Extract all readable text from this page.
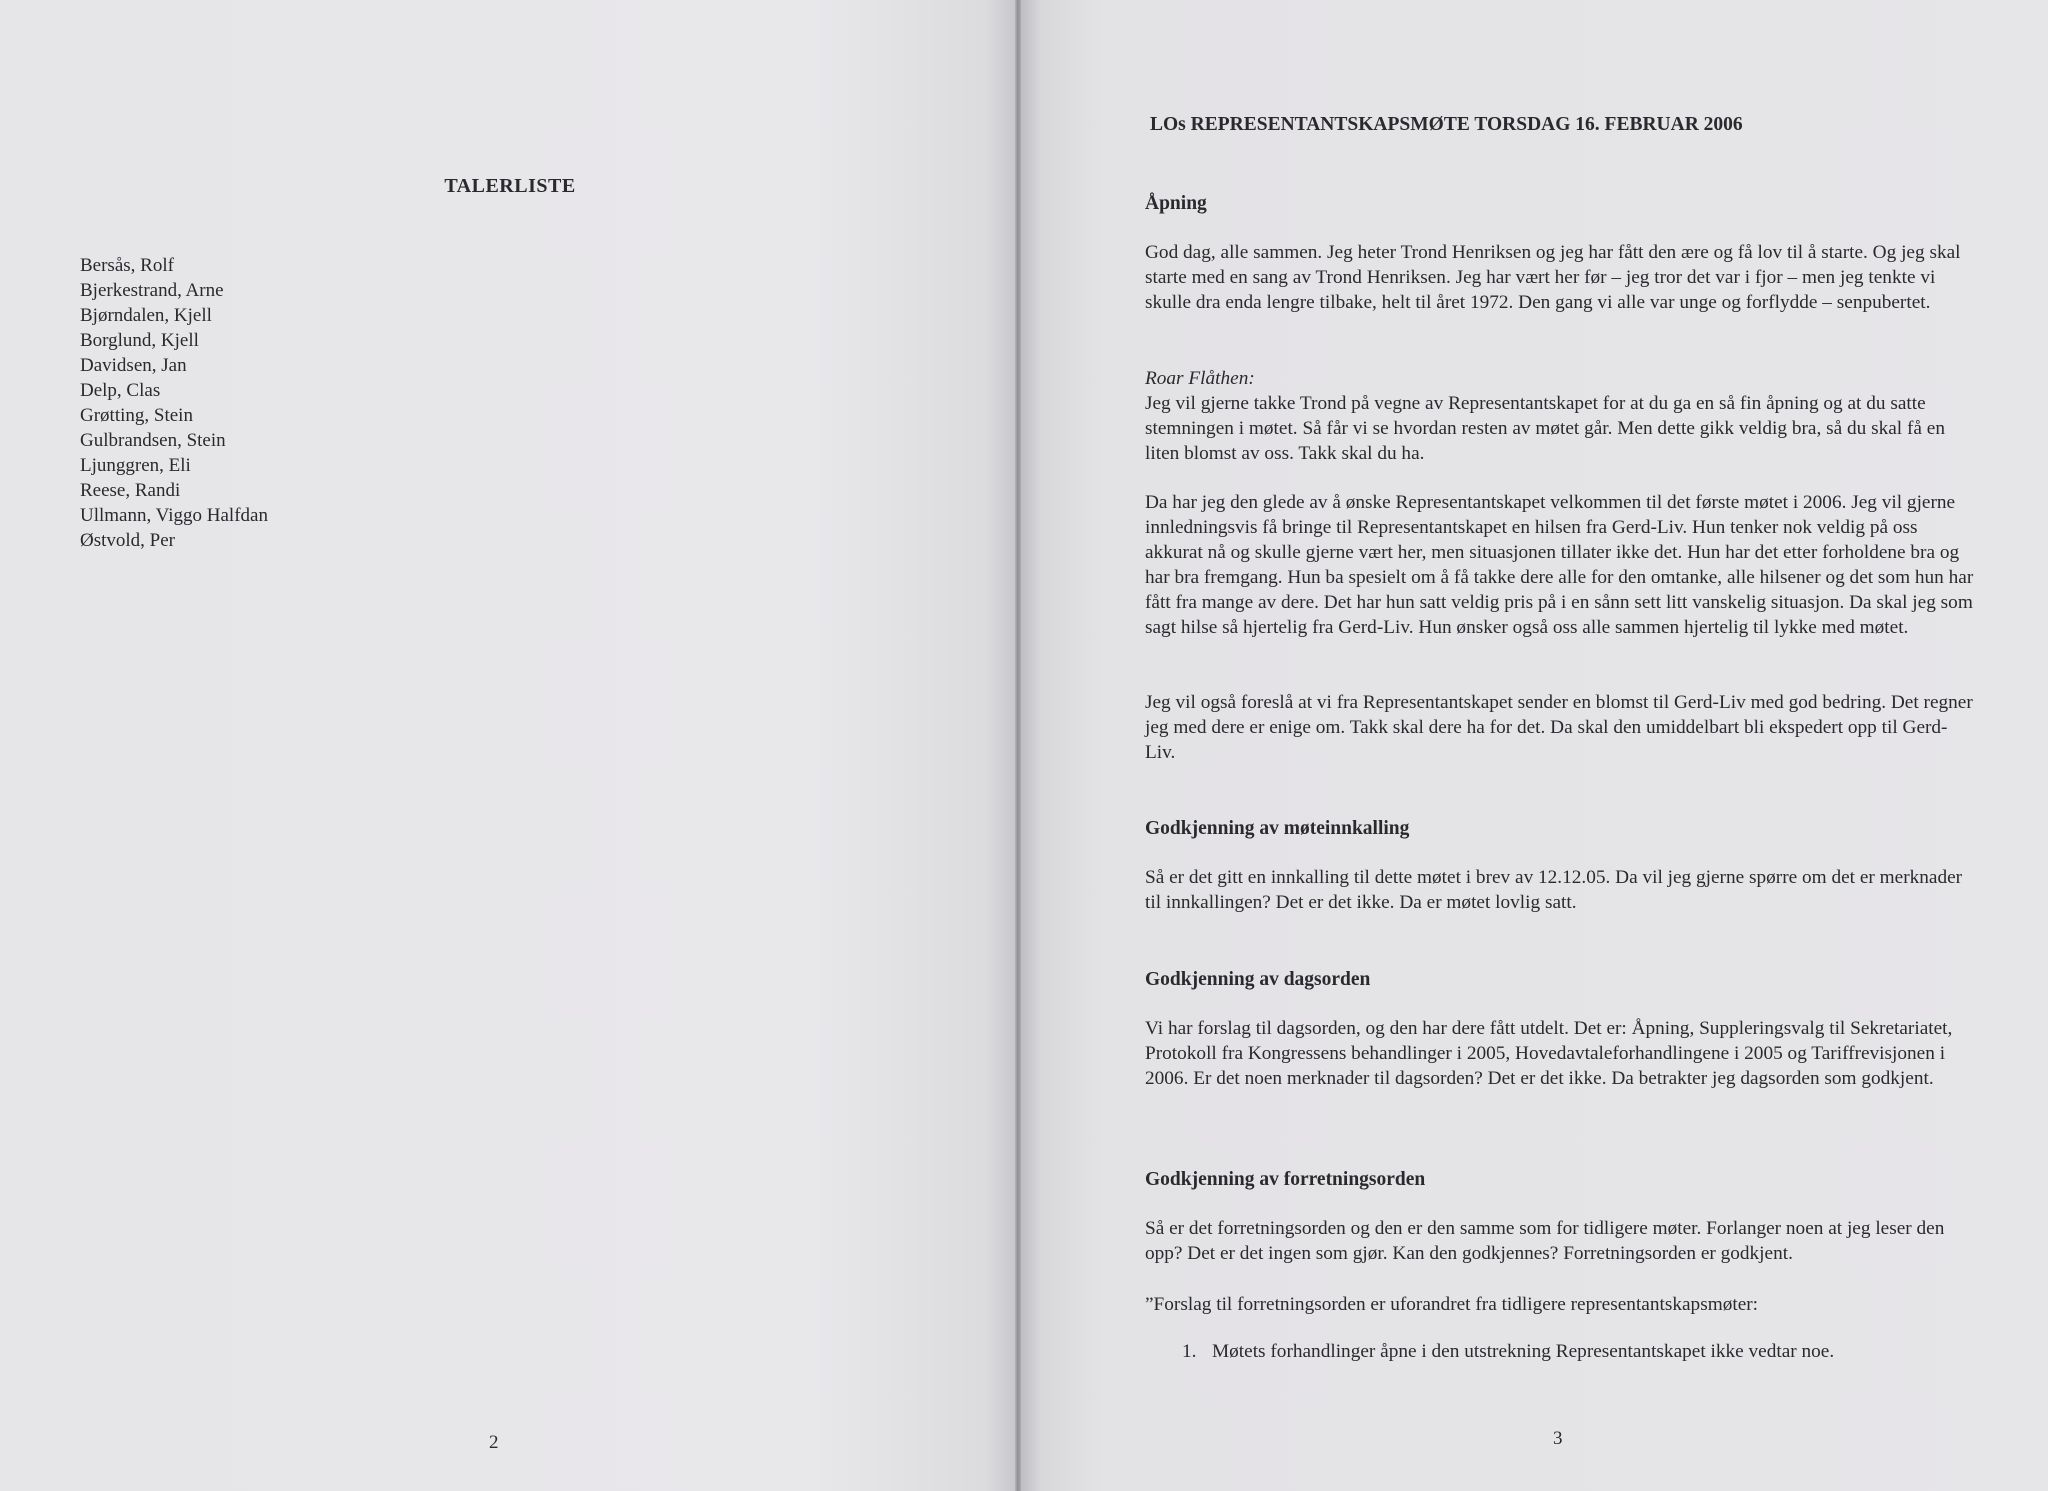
TALERLISTE
Bersås, Rolf
Bjerkestrand, Arne
Bjørndalen, Kjell
Borglund, Kjell
Davidsen, Jan
Delp, Clas
Grøtting, Stein
Gulbrandsen, Stein
Ljunggren, Eli
Reese, Randi
Ullmann, Viggo Halfdan
Østvold, Per
2
LOs REPRESENTANTSKAPSMØTE TORSDAG 16. FEBRUAR 2006
Åpning
God dag, alle sammen. Jeg heter Trond Henriksen og jeg har fått den ære og få lov til å starte. Og jeg skal starte med en sang av Trond Henriksen. Jeg har vært her før – jeg tror det var i fjor – men jeg tenkte vi skulle dra enda lengre tilbake, helt til året 1972. Den gang vi alle var unge og forflydde – senpubertet.
Roar Flåthen:
Jeg vil gjerne takke Trond på vegne av Representantskapet for at du ga en så fin åpning og at du satte stemningen i møtet. Så får vi se hvordan resten av møtet går. Men dette gikk veldig bra, så du skal få en liten blomst av oss. Takk skal du ha.
Da har jeg den glede av å ønske Representantskapet velkommen til det første møtet i 2006. Jeg vil gjerne innledningsvis få bringe til Representantskapet en hilsen fra Gerd-Liv. Hun tenker nok veldig på oss akkurat nå og skulle gjerne vært her, men situasjonen tillater ikke det. Hun har det etter forholdene bra og har bra fremgang. Hun ba spesielt om å få takke dere alle for den omtanke, alle hilsener og det som hun har fått fra mange av dere. Det har hun satt veldig pris på i en sånn sett litt vanskelig situasjon. Da skal jeg som sagt hilse så hjertelig fra Gerd-Liv. Hun ønsker også oss alle sammen hjertelig til lykke med møtet.
Jeg vil også foreslå at vi fra Representantskapet sender en blomst til Gerd-Liv med god bedring. Det regner jeg med dere er enige om. Takk skal dere ha for det. Da skal den umiddelbart bli ekspedert opp til Gerd-Liv.
Godkjenning av møteinnkalling
Så er det gitt en innkalling til dette møtet i brev av 12.12.05. Da vil jeg gjerne spørre om det er merknader til innkallingen? Det er det ikke. Da er møtet lovlig satt.
Godkjenning av dagsorden
Vi har forslag til dagsorden, og den har dere fått utdelt. Det er: Åpning, Suppleringsvalg til Sekretariatet, Protokoll fra Kongressens behandlinger i 2005, Hovedavtaleforhandlingene i 2005 og Tariffrevisjonen i 2006. Er det noen merknader til dagsorden? Det er det ikke. Da betrakter jeg dagsorden som godkjent.
Godkjenning av forretningsorden
Så er det forretningsorden og den er den samme som for tidligere møter. Forlanger noen at jeg leser den opp? Det er det ingen som gjør. Kan den godkjennes? Forretningsorden er godkjent.
”Forslag til forretningsorden er uforandret fra tidligere representantskapsmøter:
1. Møtets forhandlinger åpne i den utstrekning Representantskapet ikke vedtar noe.
3
